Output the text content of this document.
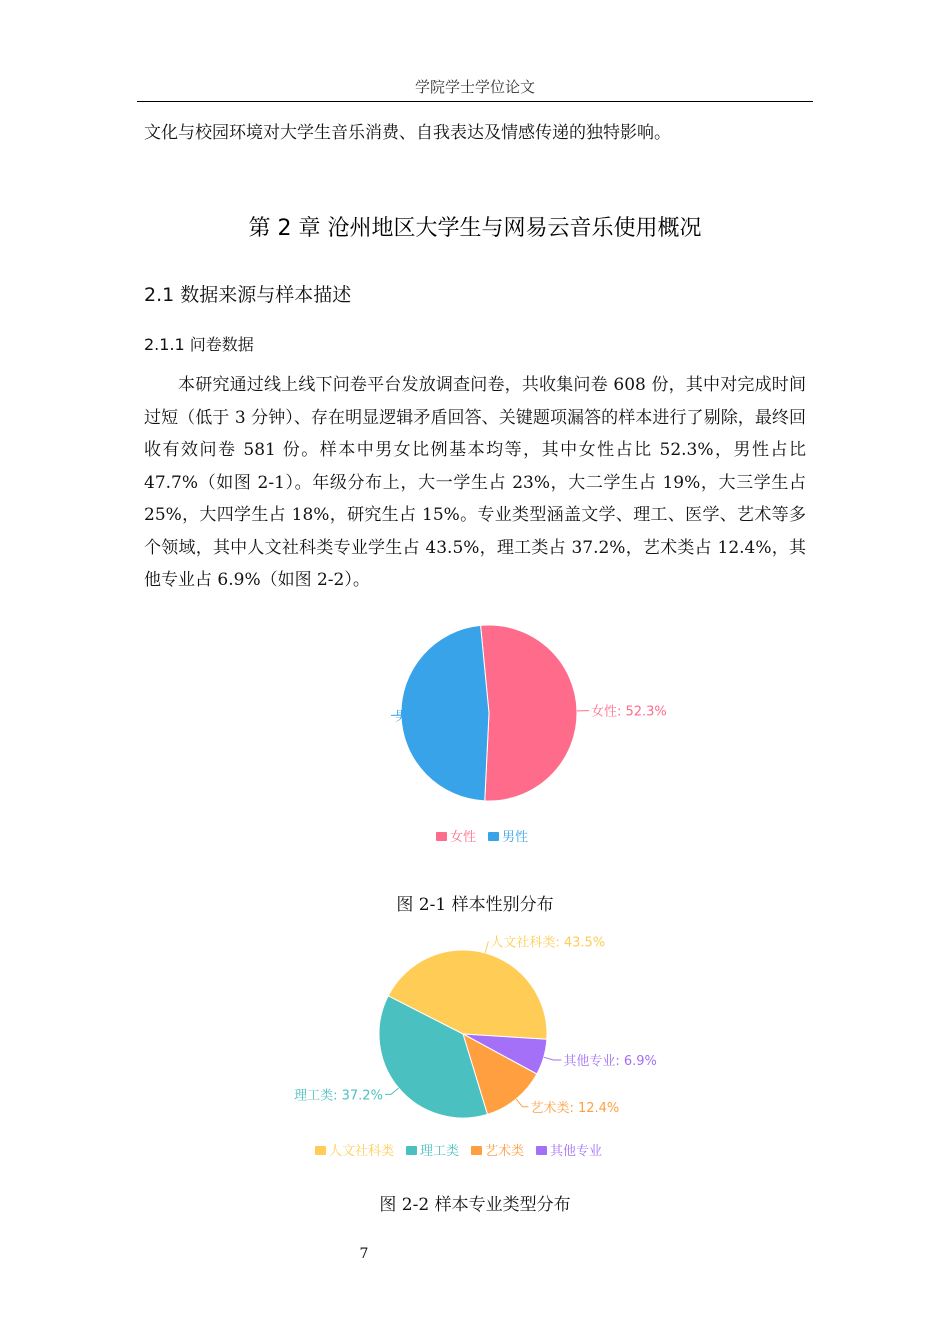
学院学士学位论文

文化与校园环境对大学生音乐消费、自我表达及情感传递的独特影响。

第 2 章 沧州地区大学生与网易云音乐使用概况
2.1 数据来源与样本描述
2.1.1 问卷数据

本研究通过线上线下问卷平台发放调查问卷，共收集问卷 608 份，其中对完成时间过短（低于 3 分钟）、存在明显逻辑矛盾回答、关键题项漏答的样本进行了剔除，最终回收有效问卷 581 份。样本中男女比例基本均等，其中女性占比 52.3%，男性占比 47.7%（如图 2-1）。年级分布上，大一学生占 23%，大二学生占 19%，大三学生占 25%，大四学生占 18%，研究生占 15%。专业类型涵盖文学、理工、医学、艺术等多个领域，其中人文社科类专业学生占 43.5%，理工类占 37.2%，艺术类占 12.4%，其他专业占 6.9%（如图 2-2）。

女性: 52.3%
男性: 47.7%
女性 男性
人文社科类: 43.5%
其他专业: 6.9%
艺术类: 12.4%
理工类: 37.2%
人文社科类 理工类 艺术类 其他专业
图 2-1 样本性别分布
图 2-2 样本专业类型分布
7
